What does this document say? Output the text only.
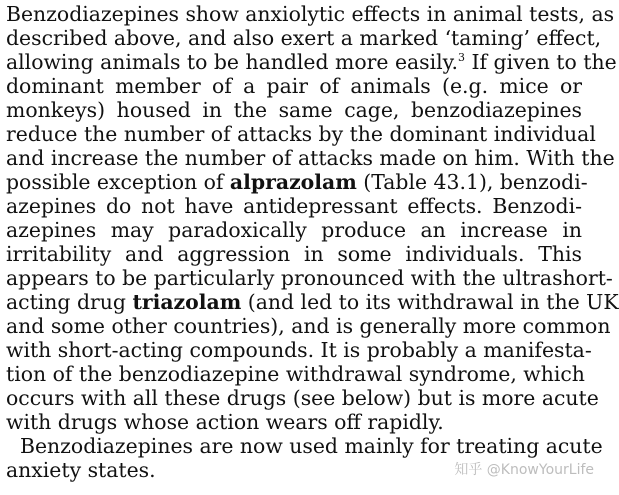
Benzodiazepines show anxiolytic effects in animal tests, as
described above, and also exert a marked ‘taming’ effect,
allowing animals to be handled more easily.$^3$ If given to the
dominant member of a pair of animals (e.g. mice or
monkeys) housed in the same cage, benzodiazepines
reduce the number of attacks by the dominant individual
and increase the number of attacks made on him. With the
possible exception of alprazolam (Table 43.1), benzodi-
azepines do not have antidepressant effects. Benzodi-
azepines may paradoxically produce an increase in
irritability and aggression in some individuals. This
appears to be particularly pronounced with the ultrashort-
acting drug triazolam (and led to its withdrawal in the UK
and some other countries), and is generally more common
with short-acting compounds. It is probably a manifesta-
tion of the benzodiazepine withdrawal syndrome, which
occurs with all these drugs (see below) but is more acute
with drugs whose action wears off rapidly.
Benzodiazepines are now used mainly for treating acute
anxiety states.	知乎 @KnowYourLife
